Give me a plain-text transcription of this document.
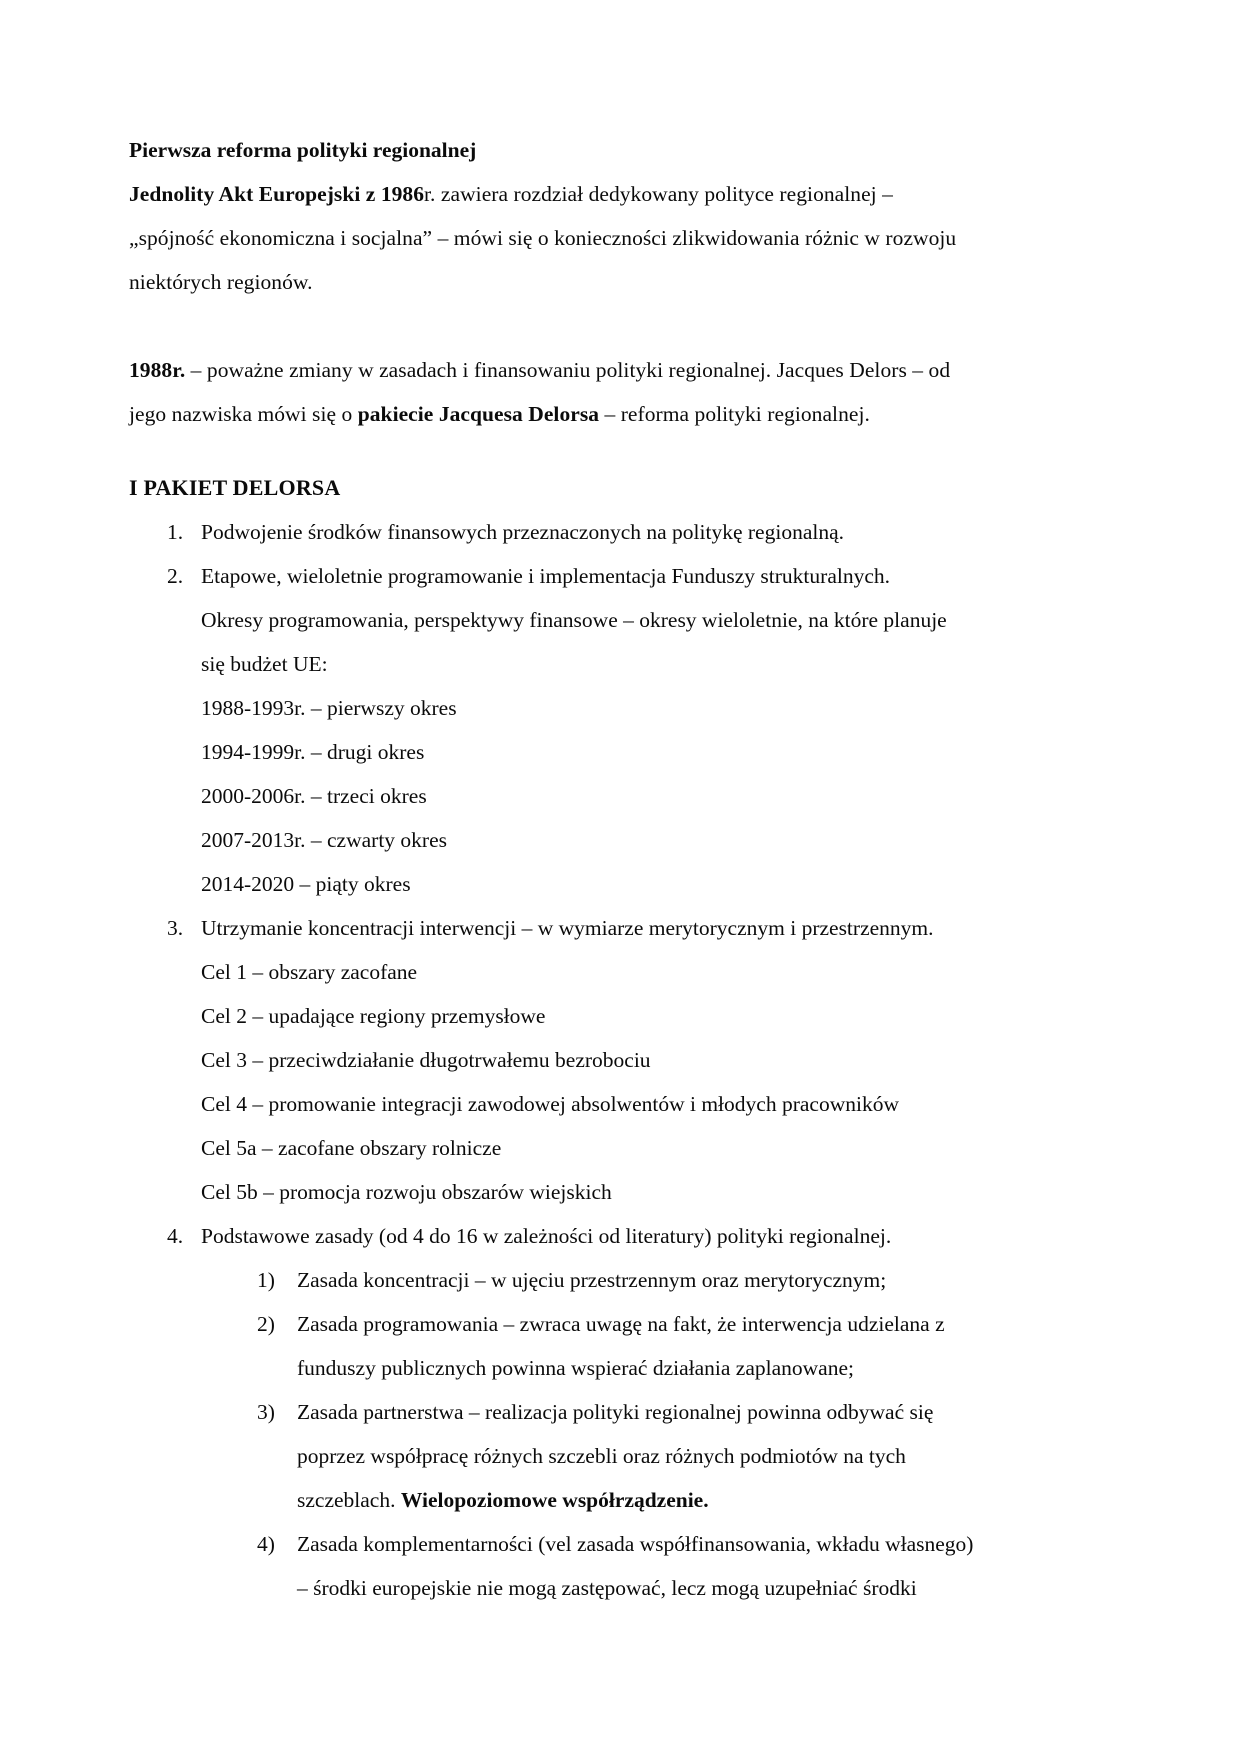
Pierwsza reforma polityki regionalnej
Jednolity Akt Europejski z 1986r. zawiera rozdział dedykowany polityce regionalnej – „spójność ekonomiczna i socjalna” – mówi się o konieczności zlikwidowania różnic w rozwoju niektórych regionów.
1988r. – poważne zmiany w zasadach i finansowaniu polityki regionalnej. Jacques Delors – od jego nazwiska mówi się o pakiecie Jacquesa Delorsa – reforma polityki regionalnej.
I PAKIET DELORSA
1. Podwojenie środków finansowych przeznaczonych na politykę regionalną.
2. Etapowe, wieloletnie programowanie i implementacja Funduszy strukturalnych.
Okresy programowania, perspektywy finansowe – okresy wieloletnie, na które planuje się budżet UE:
1988-1993r. – pierwszy okres
1994-1999r. – drugi okres
2000-2006r. – trzeci okres
2007-2013r. – czwarty okres
2014-2020 – piąty okres
3. Utrzymanie koncentracji interwencji – w wymiarze merytorycznym i przestrzennym.
Cel 1 – obszary zacofane
Cel 2 – upadające regiony przemysłowe
Cel 3 – przeciwdziałanie długotrwałemu bezrobociu
Cel 4 – promowanie integracji zawodowej absolwentów i młodych pracowników
Cel 5a – zacofane obszary rolnicze
Cel 5b – promocja rozwoju obszarów wiejskich
4. Podstawowe zasady (od 4 do 16 w zależności od literatury) polityki regionalnej.
1)	Zasada koncentracji – w ujęciu przestrzennym oraz merytorycznym;
2)	Zasada programowania – zwraca uwagę na fakt, że interwencja udzielana z funduszy publicznych powinna wspierać działania zaplanowane;
3)	Zasada partnerstwa – realizacja polityki regionalnej powinna odbywać się poprzez współpracę różnych szczebli oraz różnych podmiotów na tych szczeblach. Wielopoziomowe współrządzenie.
4)	Zasada komplementarności (vel zasada współfinansowania, wkładu własnego) – środki europejskie nie mogą zastępować, lecz mogą uzupełniać środki
